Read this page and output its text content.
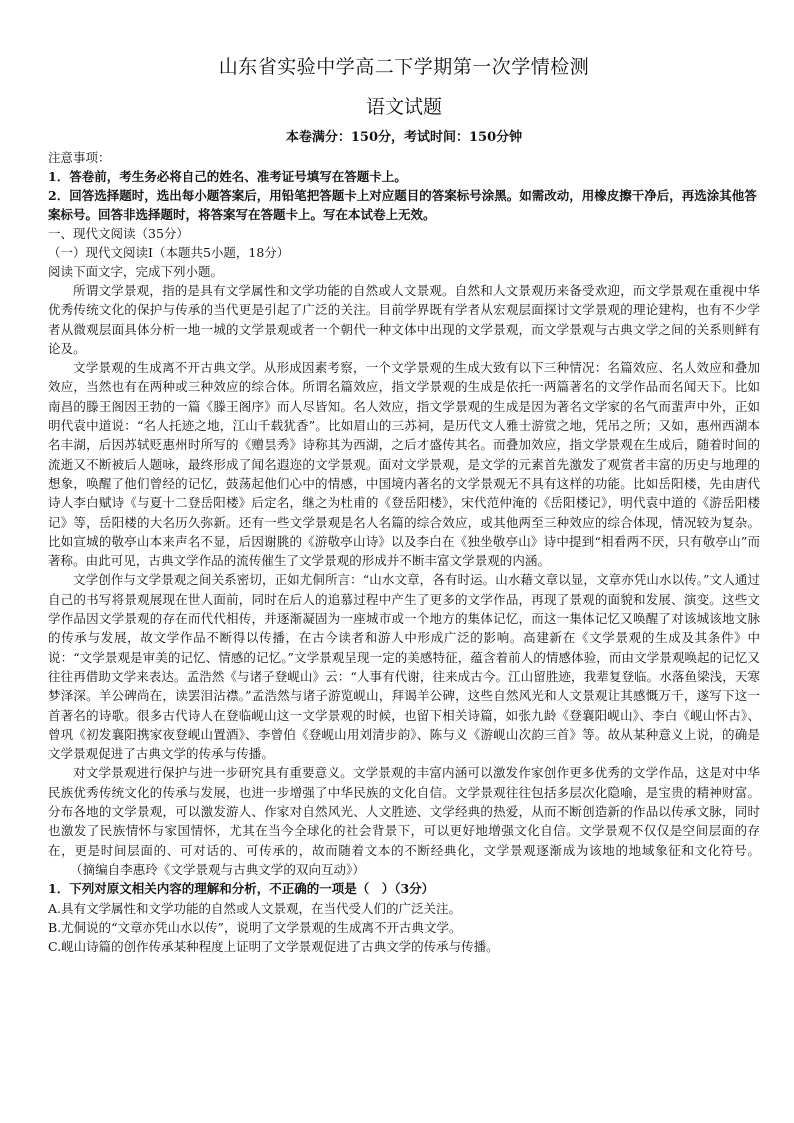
山东省实验中学高二下学期第一次学情检测
语文试题

本卷满分：150分，考试时间：150分钟

注意事项：

1．答卷前，考生务必将自己的姓名、准考证号填写在答题卡上。

2．回答选择题时，选出每小题答案后，用铅笔把答题卡上对应题目的答案标号涂黑。如需改动，用橡皮擦干净后，再选涂其他答案标号。回答非选择题时，将答案写在答题卡上。写在本试卷上无效。

一、现代文阅读（35分）

（一）现代文阅读Ⅰ（本题共5小题，18分）

阅读下面文字，完成下列小题。

所谓文学景观，指的是具有文学属性和文学功能的自然或人文景观。自然和人文景观历来备受欢迎，而文学景观在重视中华优秀传统文化的保护与传承的当代更是引起了广泛的关注。目前学界既有学者从宏观层面探讨文学景观的理论建构，也有不少学者从微观层面具体分析一地一城的文学景观或者一个朝代一种文体中出现的文学景观，而文学景观与古典文学之间的关系则鲜有论及。

文学景观的生成离不开古典文学。从形成因素考察，一个文学景观的生成大致有以下三种情况：名篇效应、名人效应和叠加效应，当然也有在两种或三种效应的综合体。所谓名篇效应，指文学景观的生成是依托一两篇著名的文学作品而名闻天下。比如南昌的滕王阁因王勃的一篇《滕王阁序》而人尽皆知。名人效应，指文学景观的生成是因为著名文学家的名气而蜚声中外，正如明代袁中道说：“名人托迹之地，江山千载犹香”。比如眉山的三苏祠，是历代文人雅士游赏之地，凭吊之所；又如，惠州西湖本名丰湖，后因苏轼贬惠州时所写的《赠昙秀》诗称其为西湖，之后才盛传其名。而叠加效应，指文学景观在生成后，随着时间的流逝又不断被后人题咏，最终形成了闻名遐迩的文学景观。面对文学景观，是文学的元素首先激发了观赏者丰富的历史与地理的想象，唤醒了他们曾经的记忆，鼓荡起他们心中的情感，中国境内著名的文学景观无不具有这样的功能。比如岳阳楼，先由唐代诗人李白赋诗《与夏十二登岳阳楼》后定名，继之为杜甫的《登岳阳楼》，宋代范仲淹的《岳阳楼记》，明代袁中道的《游岳阳楼记》等，岳阳楼的大名历久弥新。还有一些文学景观是名人名篇的综合效应，或其他两至三种效应的综合体现，情况较为复杂。比如宣城的敬亭山本来声名不显，后因谢朓的《游敬亭山诗》以及李白在《独坐敬亭山》诗中提到“相看两不厌，只有敬亭山”而著称。由此可见，古典文学作品的流传催生了文学景观的形成并不断丰富文学景观的内涵。

文学创作与文学景观之间关系密切，正如尤侗所言：“山水文章，各有时运。山水藉文章以显，文章亦凭山水以传。”文人通过自己的书写将景观展现在世人面前，同时在后人的追慕过程中产生了更多的文学作品，再现了景观的面貌和发展、演变。这些文学作品因文学景观的存在而代代相传，并逐渐凝固为一座城市或一个地方的集体记忆，而这一集体记忆又唤醒了对该城该地文脉的传承与发展，故文学作品不断得以传播，在古今读者和游人中形成广泛的影响。高建新在《文学景观的生成及其条件》中说：“文学景观是审美的记忆、情感的记忆。”文学景观呈现一定的美感特征，蕴含着前人的情感体验，而由文学景观唤起的记忆又往往再借助文学来表达。孟浩然《与诸子登岘山》云：“人事有代谢，往来成古今。江山留胜迹，我辈复登临。水落鱼梁浅，天寒梦泽深。羊公碑尚在，读罢泪沾襟。”孟浩然与诸子游览岘山，拜谒羊公碑，这些自然风光和人文景观让其感慨万千，遂写下这一首著名的诗歌。很多古代诗人在登临岘山这一文学景观的时候，也留下相关诗篇，如张九龄《登襄阳岘山》、李白《岘山怀古》、曾巩《初发襄阳携家夜登岘山置酒》、李曾伯《登岘山用刘清步韵》、陈与义《游岘山次韵三首》等。故从某种意义上说，的确是文学景观促进了古典文学的传承与传播。

对文学景观进行保护与进一步研究具有重要意义。文学景观的丰富内涵可以激发作家创作更多优秀的文学作品，这是对中华民族优秀传统文化的传承与发展，也进一步增强了中华民族的文化自信。文学景观往往包括多层次化隐喻，是宝贵的精神财富。分布各地的文学景观，可以激发游人、作家对自然风光、人文胜迹、文学经典的热爱，从而不断创造新的作品以传承文脉，同时也激发了民族情怀与家国情怀，尤其在当今全球化的社会背景下，可以更好地增强文化自信。文学景观不仅仅是空间层面的存在，更是时间层面的、可对话的、可传承的，故而随着文本的不断经典化，文学景观逐渐成为该地的地域象征和文化符号。（摘编自李惠玲《文学景观与古典文学的双向互动》）

1．下列对原文相关内容的理解和分析，不正确的一项是（　）（3分）

A.具有文学属性和文学功能的自然或人文景观，在当代受人们的广泛关注。

B.尤侗说的“文章亦凭山水以传”，说明了文学景观的生成离不开古典文学。

C.岘山诗篇的创作传承某种程度上证明了文学景观促进了古典文学的传承与传播。
